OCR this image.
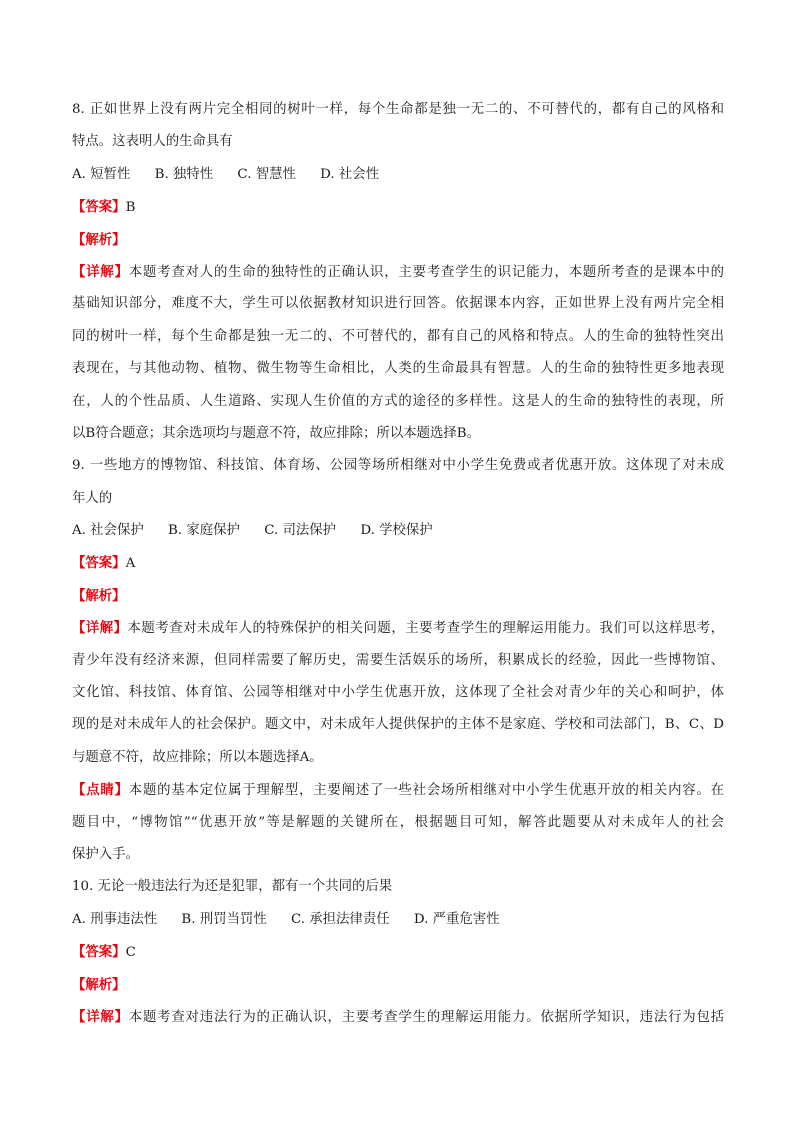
8. 正如世界上没有两片完全相同的树叶一样，每个生命都是独一无二的、不可替代的，都有自己的风格和
特点。这表明人的生命具有
A. 短暂性 B. 独特性 C. 智慧性 D. 社会性
【答案】B
【解析】
【详解】本题考查对人的生命的独特性的正确认识，主要考查学生的识记能力，本题所考查的是课本中的
基础知识部分，难度不大，学生可以依据教材知识进行回答。依据课本内容，正如世界上没有两片完全相
同的树叶一样，每个生命都是独一无二的、不可替代的，都有自己的风格和特点。人的生命的独特性突出
表现在，与其他动物、植物、微生物等生命相比，人类的生命最具有智慧。人的生命的独特性更多地表现
在，人的个性品质、人生道路、实现人生价值的方式的途径的多样性。这是人的生命的独特性的表现，所
以B符合题意；其余选项均与题意不符，故应排除；所以本题选择B。
9. 一些地方的博物馆、科技馆、体育场、公园等场所相继对中小学生免费或者优惠开放。这体现了对未成
年人的
A. 社会保护 B. 家庭保护 C. 司法保护 D. 学校保护
【答案】A
【解析】
【详解】本题考查对未成年人的特殊保护的相关问题，主要考查学生的理解运用能力。我们可以这样思考，
青少年没有经济来源，但同样需要了解历史，需要生活娱乐的场所，积累成长的经验，因此一些博物馆、
文化馆、科技馆、体育馆、公园等相继对中小学生优惠开放，这体现了全社会对青少年的关心和呵护，体
现的是对未成年人的社会保护。题文中，对未成年人提供保护的主体不是家庭、学校和司法部门，B、C、D
与题意不符，故应排除；所以本题选择A。
【点睛】本题的基本定位属于理解型，主要阐述了一些社会场所相继对中小学生优惠开放的相关内容。在
题目中，“博物馆”“优惠开放”等是解题的关键所在，根据题目可知，解答此题要从对未成年人的社会
保护入手。
10. 无论一般违法行为还是犯罪，都有一个共同的后果
A. 刑事违法性 B. 刑罚当罚性 C. 承担法律责任 D. 严重危害性
【答案】C
【解析】
【详解】本题考查对违法行为的正确认识，主要考查学生的理解运用能力。依据所学知识，违法行为包括
